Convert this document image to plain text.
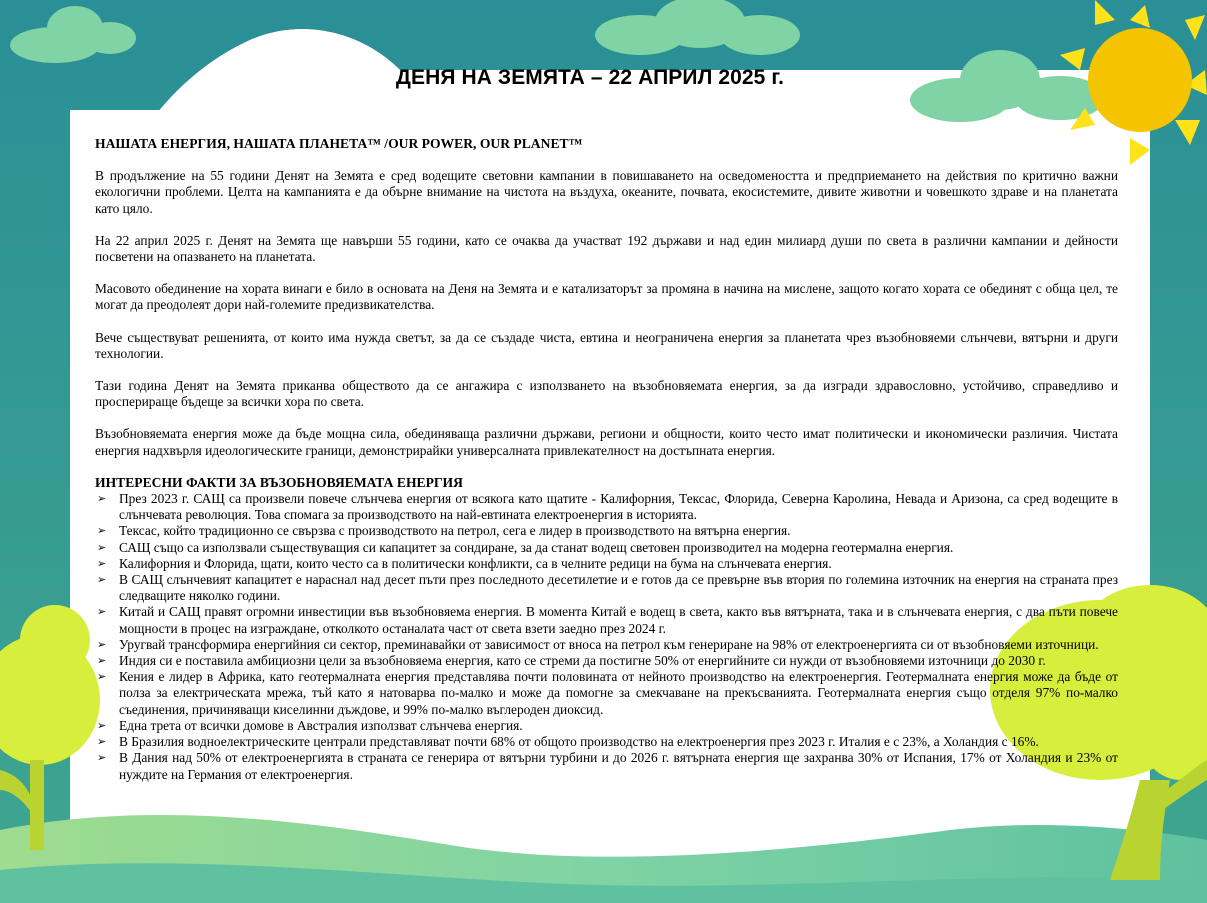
ДЕНЯ НА ЗЕМЯТА – 22 АПРИЛ 2025 г.

НАШАТА ЕНЕРГИЯ, НАШАТА ПЛАНЕТА™ /OUR POWER, OUR PLANET™

В продължение на 55 години Денят на Земята е сред водещите световни кампании в повишаването на осведомеността и предприемането на действия по критично важни екологични проблеми. Целта на кампанията е да обърне внимание на чистота на въздуха, океаните, почвата, екосистемите, дивите животни и човешкото здраве и на планетата като цяло.

На 22 април 2025 г. Денят на Земята ще навърши 55 години, като се очаква да участват 192 държави и над един милиард души по света в различни кампании и дейности посветени на опазването на планетата.

Масовото обединение на хората винаги е било в основата на Деня на Земята и е катализаторът за промяна в начина на мислене, защото когато хората се обединят с обща цел, те могат да преодолеят дори най-големите предизвикателства.

Вече съществуват решенията, от които има нужда светът, за да се създаде чиста, евтина и неограничена енергия за планетата чрез възобновяеми слънчеви, вятърни и други технологии.

Тази година Денят на Земята приканва обществото да се ангажира с използването на възобновяемата енергия, за да изгради здравословно, устойчиво, справедливо и просперираще бъдеще за всички хора по света.

Възобновяемата енергия може да бъде мощна сила, обединяваща различни държави, региони и общности, които често имат политически и икономически различия. Чистата енергия надхвърля идеологическите граници, демонстрирайки универсалната привлекателност на достъпната енергия.

ИНТЕРЕСНИ ФАКТИ ЗА ВЪЗОБНОВЯЕМАТА ЕНЕРГИЯ

➢ През 2023 г. САЩ са произвели повече слънчева енергия от всякога като щатите - Калифорния, Тексас, Флорида, Северна Каролина, Невада и Аризона, са сред водещите в слънчевата революция. Това спомага за производството на най-евтината електроенергия в историята.
➢ Тексас, който традиционно се свързва с производството на петрол, сега е лидер в производството на вятърна енергия.
➢ САЩ също са използвали съществуващия си капацитет за сондиране, за да станат водещ световен производител на модерна геотермална енергия.
➢ Калифорния и Флорида, щати, които често са в политически конфликти, са в челните редици на бума на слънчевата енергия.
➢ В САЩ слънчевият капацитет е нараснал над десет пъти през последното десетилетие и е готов да се превърне във втория по големина източник на енергия на страната през следващите няколко години.
➢ Китай и САЩ правят огромни инвестиции във възобновяема енергия. В момента Китай е водещ в света, както във вятърната, така и в слънчевата енергия, с два пъти повече мощности в процес на изграждане, отколкото останалата част от света взети заедно през 2024 г.
➢ Уругвай трансформира енергийния си сектор, преминавайки от зависимост от вноса на петрол към генериране на 98% от електроенергията си от възобновяеми източници.
➢ Индия си е поставила амбициозни цели за възобновяема енергия, като се стреми да постигне 50% от енергийните си нужди от възобновяеми източници до 2030 г.
➢ Кения е лидер в Африка, като геотермалната енергия представлява почти половината от нейното производство на електроенергия. Геотермалната енергия може да бъде от полза за електрическата мрежа, тъй като я натоварва по-малко и може да помогне за смекчаване на прекъсванията. Геотермалната енергия също отделя 97% по-малко съединения, причиняващи киселинни дъждове, и 99% по-малко въглероден диоксид.
➢ Една трета от всички домове в Австралия използват слънчева енергия.
➢ В Бразилия водноелектрическите централи представляват почти 68% от общото производство на електроенергия през 2023 г. Италия е с 23%, а Холандия с 16%.
➢ В Дания над 50% от електроенергията в страната се генерира от вятърни турбини и до 2026 г. вятърната енергия ще захранва 30% от Испания, 17% от Холандия и 23% от нуждите на Германия от електроенергия.
